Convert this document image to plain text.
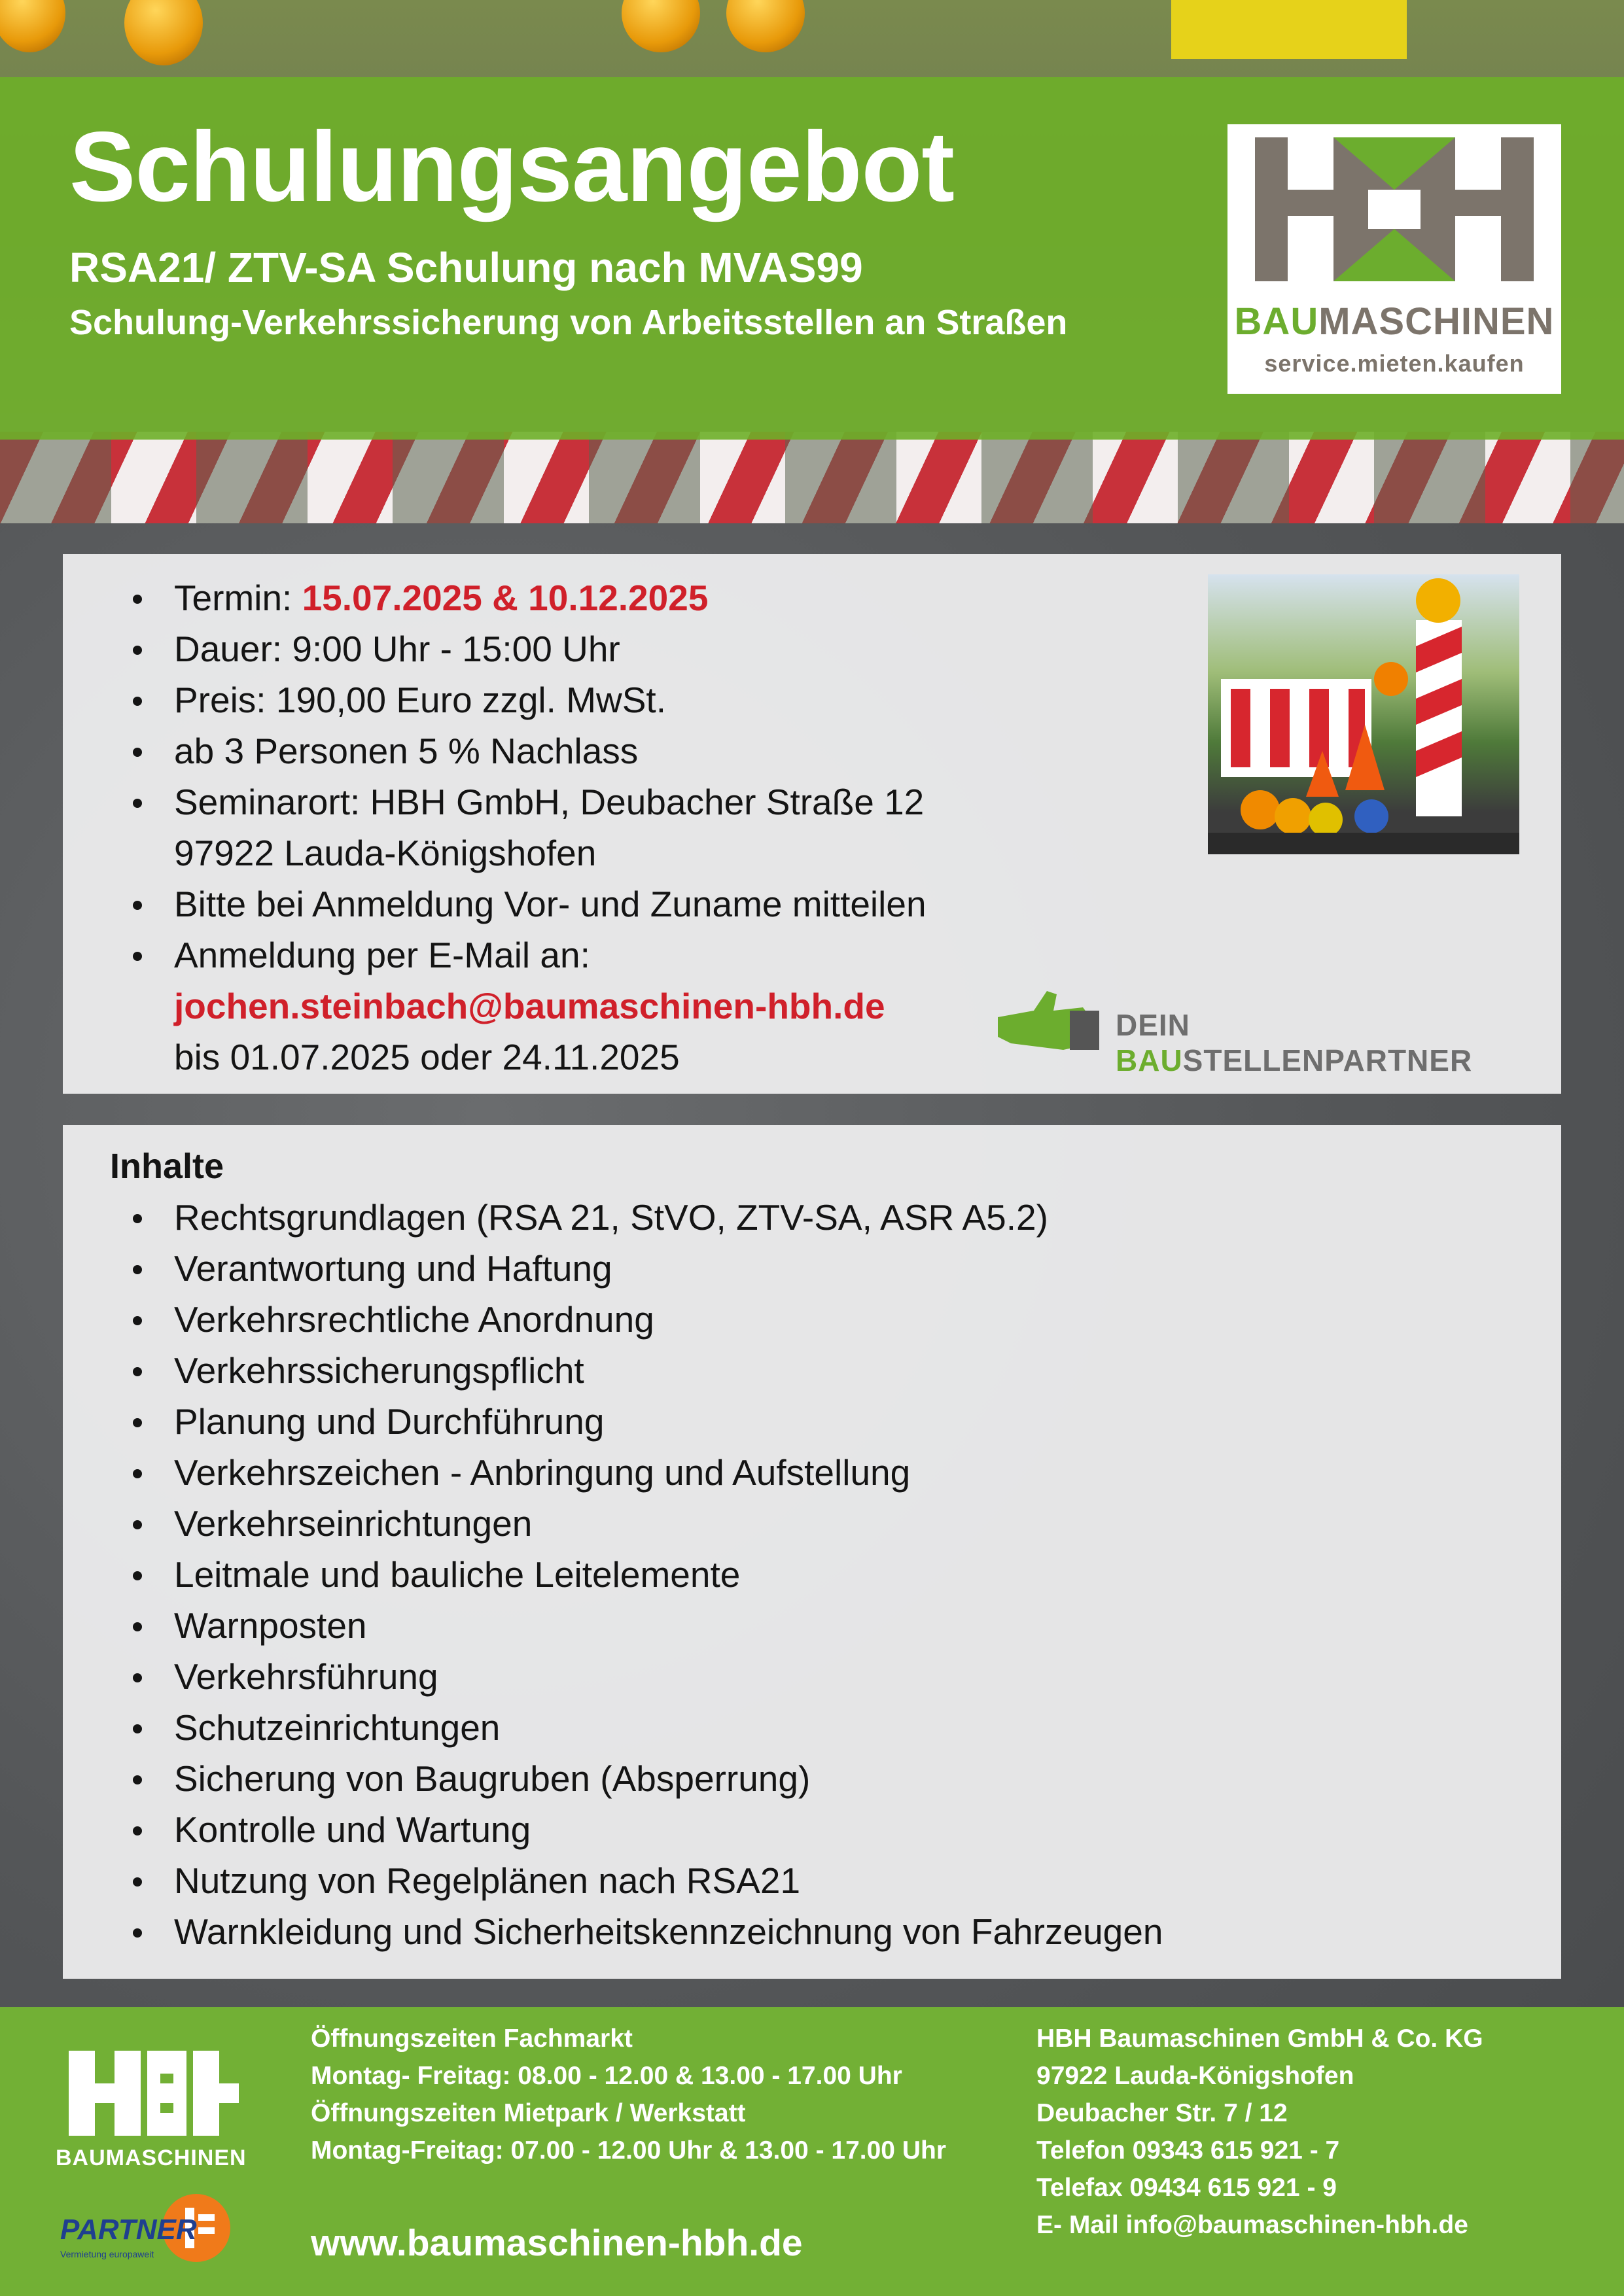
Schulungsangebot
RSA21/ ZTV-SA Schulung nach MVAS99
Schulung-Verkehrssicherung von Arbeitsstellen an Straßen	BAUMASCHINEN
service.mieten.kaufen
Termin: 15.07.2025 & 10.12.2025
Dauer: 9:00 Uhr - 15:00 Uhr
Preis: 190,00 Euro zzgl. MwSt.
ab 3 Personen 5 % Nachlass
Seminarort: HBH GmbH, Deubacher Straße 12
97922 Lauda-Königshofen
Bitte bei Anmeldung Vor- und Zuname mitteilen
Anmeldung per E-Mail an: jochen.steinbach@baumaschinen-hbh.de
bis 01.07.2025 oder 24.11.2025
DEIN BAUSTELLENPARTNER
Inhalte
Rechtsgrundlagen (RSA 21, StVO, ZTV-SA, ASR A5.2)
Verantwortung und Haftung
Verkehrsrechtliche Anordnung
Verkehrssicherungspflicht
Planung und Durchführung
Verkehrszeichen - Anbringung und Aufstellung
Verkehrseinrichtungen
Leitmale und bauliche Leitelemente
Warnposten
Verkehrsführung
Schutzeinrichtungen
Sicherung von Baugruben (Absperrung)
Kontrolle und Wartung
Nutzung von Regelplänen nach RSA21
Warnkleidung und Sicherheitskennzeichnung von Fahrzeugen
BAUMASCHINEN
PARTNER
Vermietung europaweit
Öffnungszeiten Fachmarkt
Montag- Freitag: 08.00 - 12.00 & 13.00 - 17.00 Uhr
Öffnungszeiten Mietpark / Werkstatt
Montag-Freitag: 07.00 - 12.00 Uhr & 13.00 - 17.00 Uhr
HBH Baumaschinen GmbH & Co. KG
97922 Lauda-Königshofen
Deubacher Str. 7 / 12
Telefon 09343 615 921 - 7
Telefax 09434 615 921 - 9
E- Mail info@baumaschinen-hbh.de
www.baumaschinen-hbh.de
